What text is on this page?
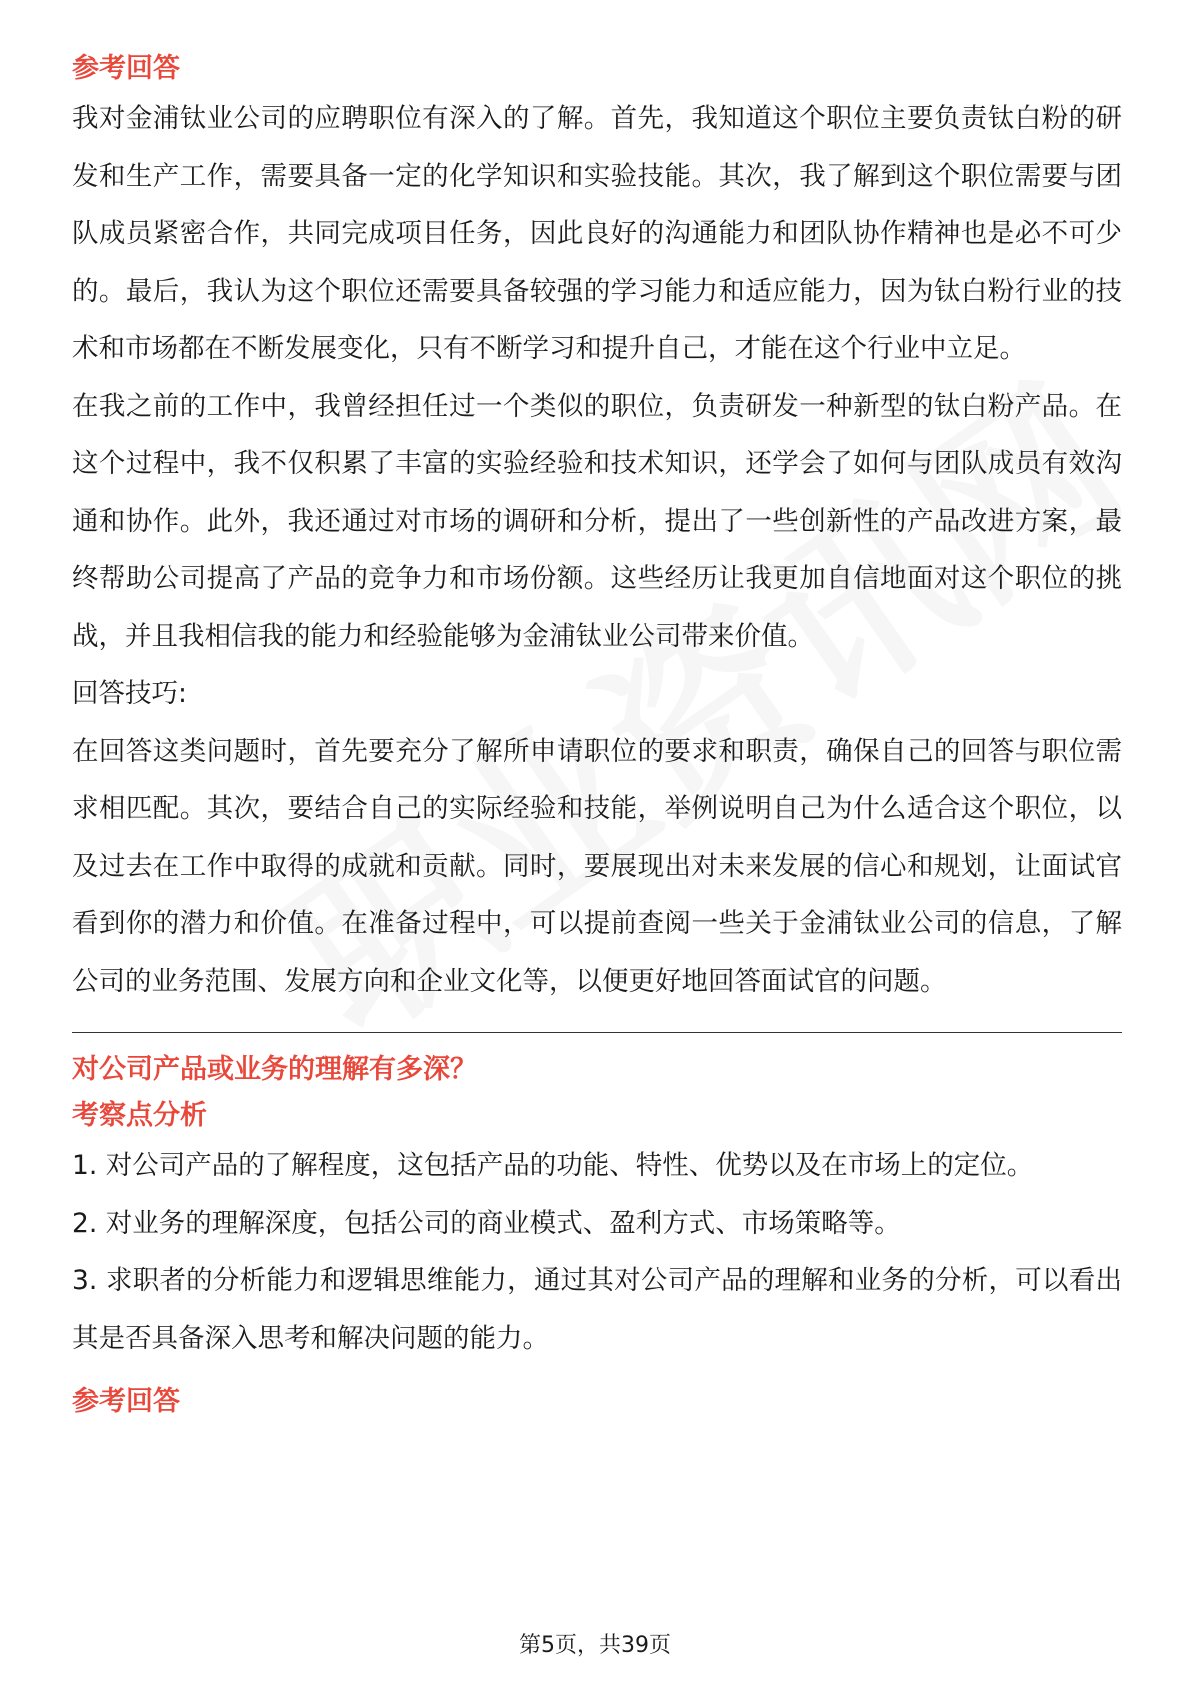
参考回答

我对金浦钛业公司的应聘职位有深入的了解。首先，我知道这个职位主要负责钛白粉的研发和生产工作，需要具备一定的化学知识和实验技能。其次，我了解到这个职位需要与团队成员紧密合作，共同完成项目任务，因此良好的沟通能力和团队协作精神也是必不可少的。最后，我认为这个职位还需要具备较强的学习能力和适应能力，因为钛白粉行业的技术和市场都在不断发展变化，只有不断学习和提升自己，才能在这个行业中立足。

在我之前的工作中，我曾经担任过一个类似的职位，负责研发一种新型的钛白粉产品。在这个过程中，我不仅积累了丰富的实验经验和技术知识，还学会了如何与团队成员有效沟通和协作。此外，我还通过对市场的调研和分析，提出了一些创新性的产品改进方案，最终帮助公司提高了产品的竞争力和市场份额。这些经历让我更加自信地面对这个职位的挑战，并且我相信我的能力和经验能够为金浦钛业公司带来价值。

回答技巧:

在回答这类问题时，首先要充分了解所申请职位的要求和职责，确保自己的回答与职位需求相匹配。其次，要结合自己的实际经验和技能，举例说明自己为什么适合这个职位，以及过去在工作中取得的成就和贡献。同时，要展现出对未来发展的信心和规划，让面试官看到你的潜力和价值。在准备过程中，可以提前查阅一些关于金浦钛业公司的信息，了解公司的业务范围、发展方向和企业文化等，以便更好地回答面试官的问题。

对公司产品或业务的理解有多深？
考察点分析

1. 对公司产品的了解程度，这包括产品的功能、特性、优势以及在市场上的定位。

2. 对业务的理解深度，包括公司的商业模式、盈利方式、市场策略等。

3. 求职者的分析能力和逻辑思维能力，通过其对公司产品的理解和业务的分析，可以看出其是否具备深入思考和解决问题的能力。

参考回答
第5页，共39页
